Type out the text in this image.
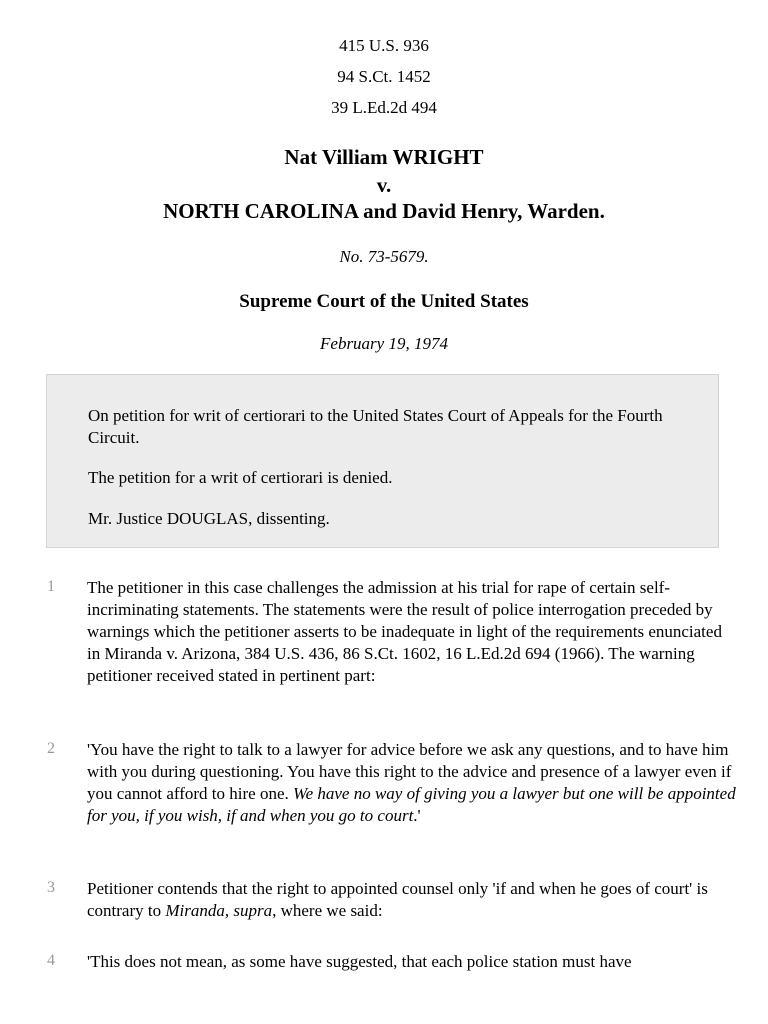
415 U.S. 936
94 S.Ct. 1452
39 L.Ed.2d 494
Nat Villiam WRIGHT
v.
NORTH CAROLINA and David Henry, Warden.
No. 73-5679.
Supreme Court of the United States
February 19, 1974
On petition for writ of certiorari to the United States Court of Appeals for the Fourth Circuit.
The petition for a writ of certiorari is denied.
Mr. Justice DOUGLAS, dissenting.
1	The petitioner in this case challenges the admission at his trial for rape of certain self-incriminating statements. The statements were the result of police interrogation preceded by warnings which the petitioner asserts to be inadequate in light of the requirements enunciated in Miranda v. Arizona, 384 U.S. 436, 86 S.Ct. 1602, 16 L.Ed.2d 694 (1966). The warning petitioner received stated in pertinent part:
2	'You have the right to talk to a lawyer for advice before we ask any questions, and to have him with you during questioning. You have this right to the advice and presence of a lawyer even if you cannot afford to hire one. We have no way of giving you a lawyer but one will be appointed for you, if you wish, if and when you go to court.'
3	Petitioner contends that the right to appointed counsel only 'if and when he goes of court' is contrary to Miranda, supra, where we said:
4	'This does not mean, as some have suggested, that each police station must have
